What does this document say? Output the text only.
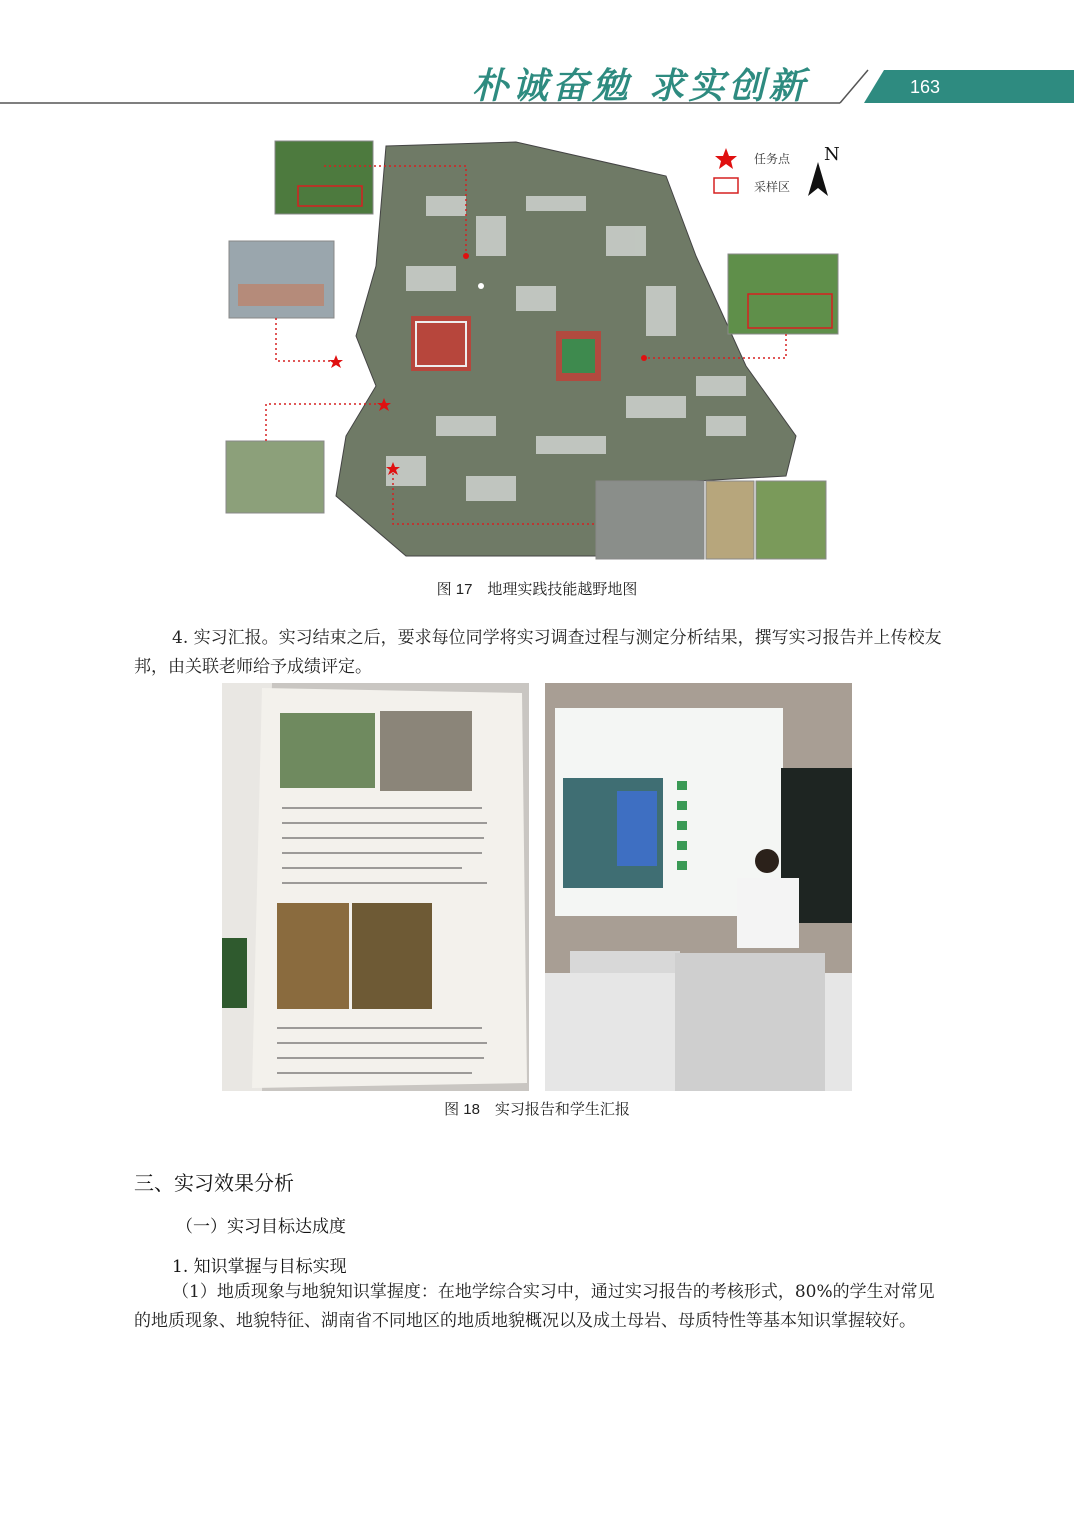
朴诚奋勉 求实创新	163
任务点
采样区
N
图 17　地理实践技能越野地图
4. 实习汇报。实习结束之后，要求每位同学将实习调查过程与测定分析结果，撰写实习报告并上传校友邦，由关联老师给予成绩评定。
图 18　实习报告和学生汇报
三、实习效果分析
（一）实习目标达成度
1. 知识掌握与目标实现
（1）地质现象与地貌知识掌握度：在地学综合实习中，通过实习报告的考核形式，80%的学生对常见的地质现象、地貌特征、湖南省不同地区的地质地貌概况以及成土母岩、母质特性等基本知识掌握较好。
